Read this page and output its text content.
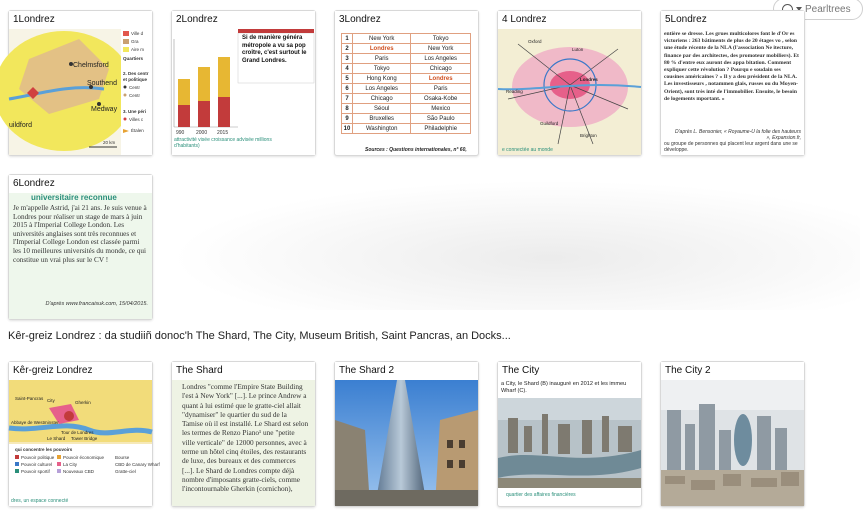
Pearltrees
1Londrez
Chelmsford
Southend
Medway
uildford
Ville d
Gra
Aire m
Quartiers
2. Des centr
et politique
Centr
Centr
3. Une péri
Villes c
Étalen
20 km
2Londrez
990 2000 2015
Si de manière généra métropole a vu sa pop croître, c'est surtout le Grand Londres.
attractivité visée croissance advisée millions d'habitants)
3Londrez
1	New York	Tokyo
2	Londres	New York
3	Paris	Los Angeles
4	Tokyo	Chicago
5	Hong Kong	Londres
6	Los Angeles	Paris
7	Chicago	Osaka-Kobe
8	Séoul	Mexico
9	Bruxelles	São Paulo
10	Washington	Philadelphie
Sources : Questions internationales, n° 60,
4 Londrez
Oxford
Luton
Reading
Guildford
Brighton
Londres
e connectée au monde
5Londrez
entière se dresse. Les grues multicolores font le d'Or es victoriens : 263 bâtiments de plus de 20 étages vo , selon une étude récente de la NLA (l'association Ne itecture, finance par des architectes, des promoteur mobiliers). Et 80 % d'entre eux auront des appa bitation. Comment expliquer cette révolution ? Pourqu e soudain ses cousines américaines ? « Il y a deu président de la NLA. Les investisseurs , notammen glais, russes ou du Moyen-Orient), sont très inté de l'immobilier. Ensuite, le besoin de logements mportant. »
D'après L. Bensonier, « Royaume-U la folie des hauteurs », Expansion.fr,
ou groupe de personnes qui placent leur argent dans une se développe.
6Londrez
universitaire reconnue
Je m'appelle Astrid, j'ai 21 ans. Je suis venue à Londres pour réaliser un stage de mars à juin 2015 à l'Imperial College London. Les universités anglaises sont très reconnues et l'Imperial College London est classée parmi les 10 meilleures universités du monde, ce qui constitue un vrai plus sur le CV !
D'après www.francaisuk.com, 15/04/2015.
Kêr-greiz Londrez : da studiiñ donoc'h The Shard, The City, Museum British, Saint Pancras, an Docks...
Kêr-greiz Londrez
Saint-Pancras City	Gherkin
Tour de Londres
Tower Bridge
Le Shard
Abbaye de Westminster
qui concentre les pouvoirs
Pouvoir politique Pouvoir économique
Pouvoir culturel La City
Pouvoir sportif	Nouveaux CBD
Bourse
CBD de Canary Wharf
Gratte-ciel
dres, un espace connecté
The Shard
Londres "comme l'Empire State Building l'est à New York" [...]. Le prince Andrew a quant à lui estimé que le gratte-ciel allait "dynamiser" le quartier du sud de la Tamise où il est installé. Le Shard est selon les termes de Renzo Piano¹ une "petite ville verticale" de 12000 personnes, avec à terme un hôtel cinq étoiles, des restaurants de luxe, des bureaux et des commerces [...]. Le Shard de Londres compte déjà nombre d'imposants gratte-ciels, comme l'incontournable Gherkin (cornichon),
The Shard 2	The City
a City, le Shard (B) inauguré en 2012 et les immeu Wharf (C).
quartier des affaires financières
The City 2
